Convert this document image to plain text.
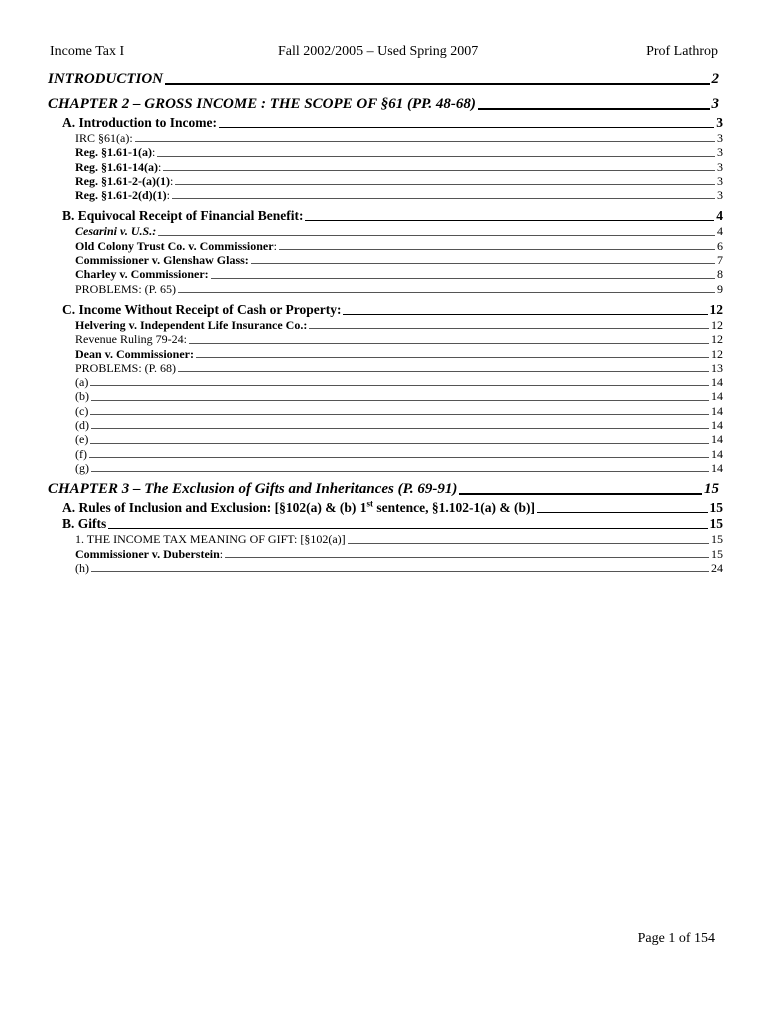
Income Tax I	Fall 2002/2005 – Used Spring 2007	Prof Lathrop
INTRODUCTION	2
CHAPTER 2 – GROSS INCOME : THE SCOPE OF §61 (PP. 48-68)	3
A. Introduction to Income:	3
IRC §61(a):	3
Reg. §1.61-1(a):	3
Reg. §1.61-14(a):	3
Reg. §1.61-2-(a)(1):	3
Reg. §1.61-2(d)(1):	3
B. Equivocal Receipt of Financial Benefit:	4
Cesarini v. U.S.:	4
Old Colony Trust Co. v. Commissioner:	6
Commissioner v. Glenshaw Glass:	7
Charley v. Commissioner:	8
PROBLEMS: (P. 65)	9
C. Income Without Receipt of Cash or Property:	12
Helvering v. Independent Life Insurance Co.:	12
Revenue Ruling 79-24:	12
Dean v. Commissioner:	12
PROBLEMS: (P. 68)	13
(a)	14
(b)	14
(c)	14
(d)	14
(e)	14
(f)	14
(g)	14
CHAPTER 3 – The Exclusion of Gifts and Inheritances (P. 69-91)	15
A. Rules of Inclusion and Exclusion: [§102(a) & (b) 1st sentence, §1.102-1(a) & (b)]	15
B. Gifts	15
1. THE INCOME TAX MEANING OF GIFT: [§102(a)]	15
Commissioner v. Duberstein:	15
(h)	24
Page 1 of 154
